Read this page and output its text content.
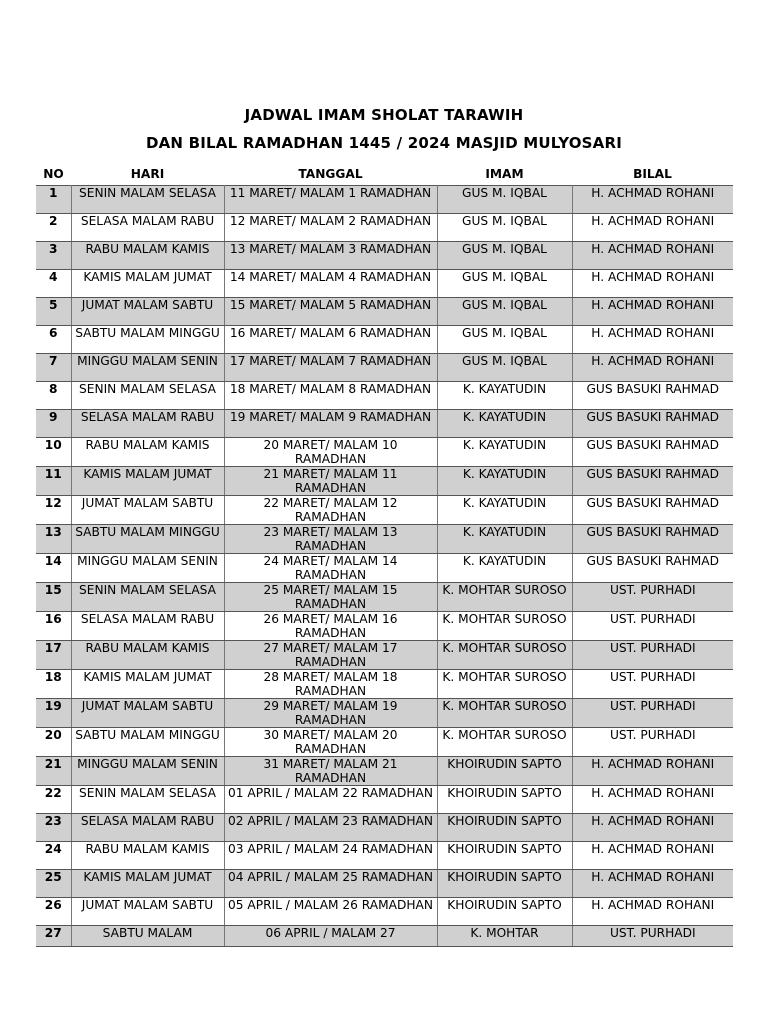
JADWAL IMAM SHOLAT TARAWIH
DAN BILAL RAMADHAN 1445 / 2024 MASJID MULYOSARI
NO	HARI	TANGGAL	IMAM	BILAL
1	SENIN MALAM SELASA	11 MARET/ MALAM 1 RAMADHAN	GUS M. IQBAL	H. ACHMAD ROHANI
2	SELASA MALAM RABU	12 MARET/ MALAM 2 RAMADHAN	GUS M. IQBAL	H. ACHMAD ROHANI
3	RABU MALAM KAMIS	13 MARET/ MALAM 3 RAMADHAN	GUS M. IQBAL	H. ACHMAD ROHANI
4	KAMIS MALAM JUMAT	14 MARET/ MALAM 4 RAMADHAN	GUS M. IQBAL	H. ACHMAD ROHANI
5	JUMAT MALAM SABTU	15 MARET/ MALAM 5 RAMADHAN	GUS M. IQBAL	H. ACHMAD ROHANI
6	SABTU MALAM MINGGU	16 MARET/ MALAM 6 RAMADHAN	GUS M. IQBAL	H. ACHMAD ROHANI
7	MINGGU MALAM SENIN	17 MARET/ MALAM 7 RAMADHAN	GUS M. IQBAL	H. ACHMAD ROHANI
8	SENIN MALAM SELASA	18 MARET/ MALAM 8 RAMADHAN	K. KAYATUDIN	GUS BASUKI RAHMAD
9	SELASA MALAM RABU	19 MARET/ MALAM 9 RAMADHAN	K. KAYATUDIN	GUS BASUKI RAHMAD
10	RABU MALAM KAMIS	20 MARET/ MALAM 10 RAMADHAN	K. KAYATUDIN	GUS BASUKI RAHMAD
11	KAMIS MALAM JUMAT	21 MARET/ MALAM 11 RAMADHAN	K. KAYATUDIN	GUS BASUKI RAHMAD
12	JUMAT MALAM SABTU	22 MARET/ MALAM 12 RAMADHAN	K. KAYATUDIN	GUS BASUKI RAHMAD
13	SABTU MALAM MINGGU	23 MARET/ MALAM 13 RAMADHAN	K. KAYATUDIN	GUS BASUKI RAHMAD
14	MINGGU MALAM SENIN	24 MARET/ MALAM 14 RAMADHAN	K. KAYATUDIN	GUS BASUKI RAHMAD
15	SENIN MALAM SELASA	25 MARET/ MALAM 15 RAMADHAN	K. MOHTAR SUROSO	UST. PURHADI
16	SELASA MALAM RABU	26 MARET/ MALAM 16 RAMADHAN	K. MOHTAR SUROSO	UST. PURHADI
17	RABU MALAM KAMIS	27 MARET/ MALAM 17 RAMADHAN	K. MOHTAR SUROSO	UST. PURHADI
18	KAMIS MALAM JUMAT	28 MARET/ MALAM 18 RAMADHAN	K. MOHTAR SUROSO	UST. PURHADI
19	JUMAT MALAM SABTU	29 MARET/ MALAM 19 RAMADHAN	K. MOHTAR SUROSO	UST. PURHADI
20	SABTU MALAM MINGGU	30 MARET/ MALAM 20 RAMADHAN	K. MOHTAR SUROSO	UST. PURHADI
21	MINGGU MALAM SENIN	31 MARET/ MALAM 21 RAMADHAN	KHOIRUDIN SAPTO	H. ACHMAD ROHANI
22	SENIN MALAM SELASA	01 APRIL / MALAM 22 RAMADHAN	KHOIRUDIN SAPTO	H. ACHMAD ROHANI
23	SELASA MALAM RABU	02 APRIL / MALAM 23 RAMADHAN	KHOIRUDIN SAPTO	H. ACHMAD ROHANI
24	RABU MALAM KAMIS	03 APRIL / MALAM 24 RAMADHAN	KHOIRUDIN SAPTO	H. ACHMAD ROHANI
25	KAMIS MALAM JUMAT	04 APRIL / MALAM 25 RAMADHAN	KHOIRUDIN SAPTO	H. ACHMAD ROHANI
26	JUMAT MALAM SABTU	05 APRIL / MALAM 26 RAMADHAN	KHOIRUDIN SAPTO	H. ACHMAD ROHANI
27	SABTU MALAM	06 APRIL / MALAM 27	K. MOHTAR	UST. PURHADI
